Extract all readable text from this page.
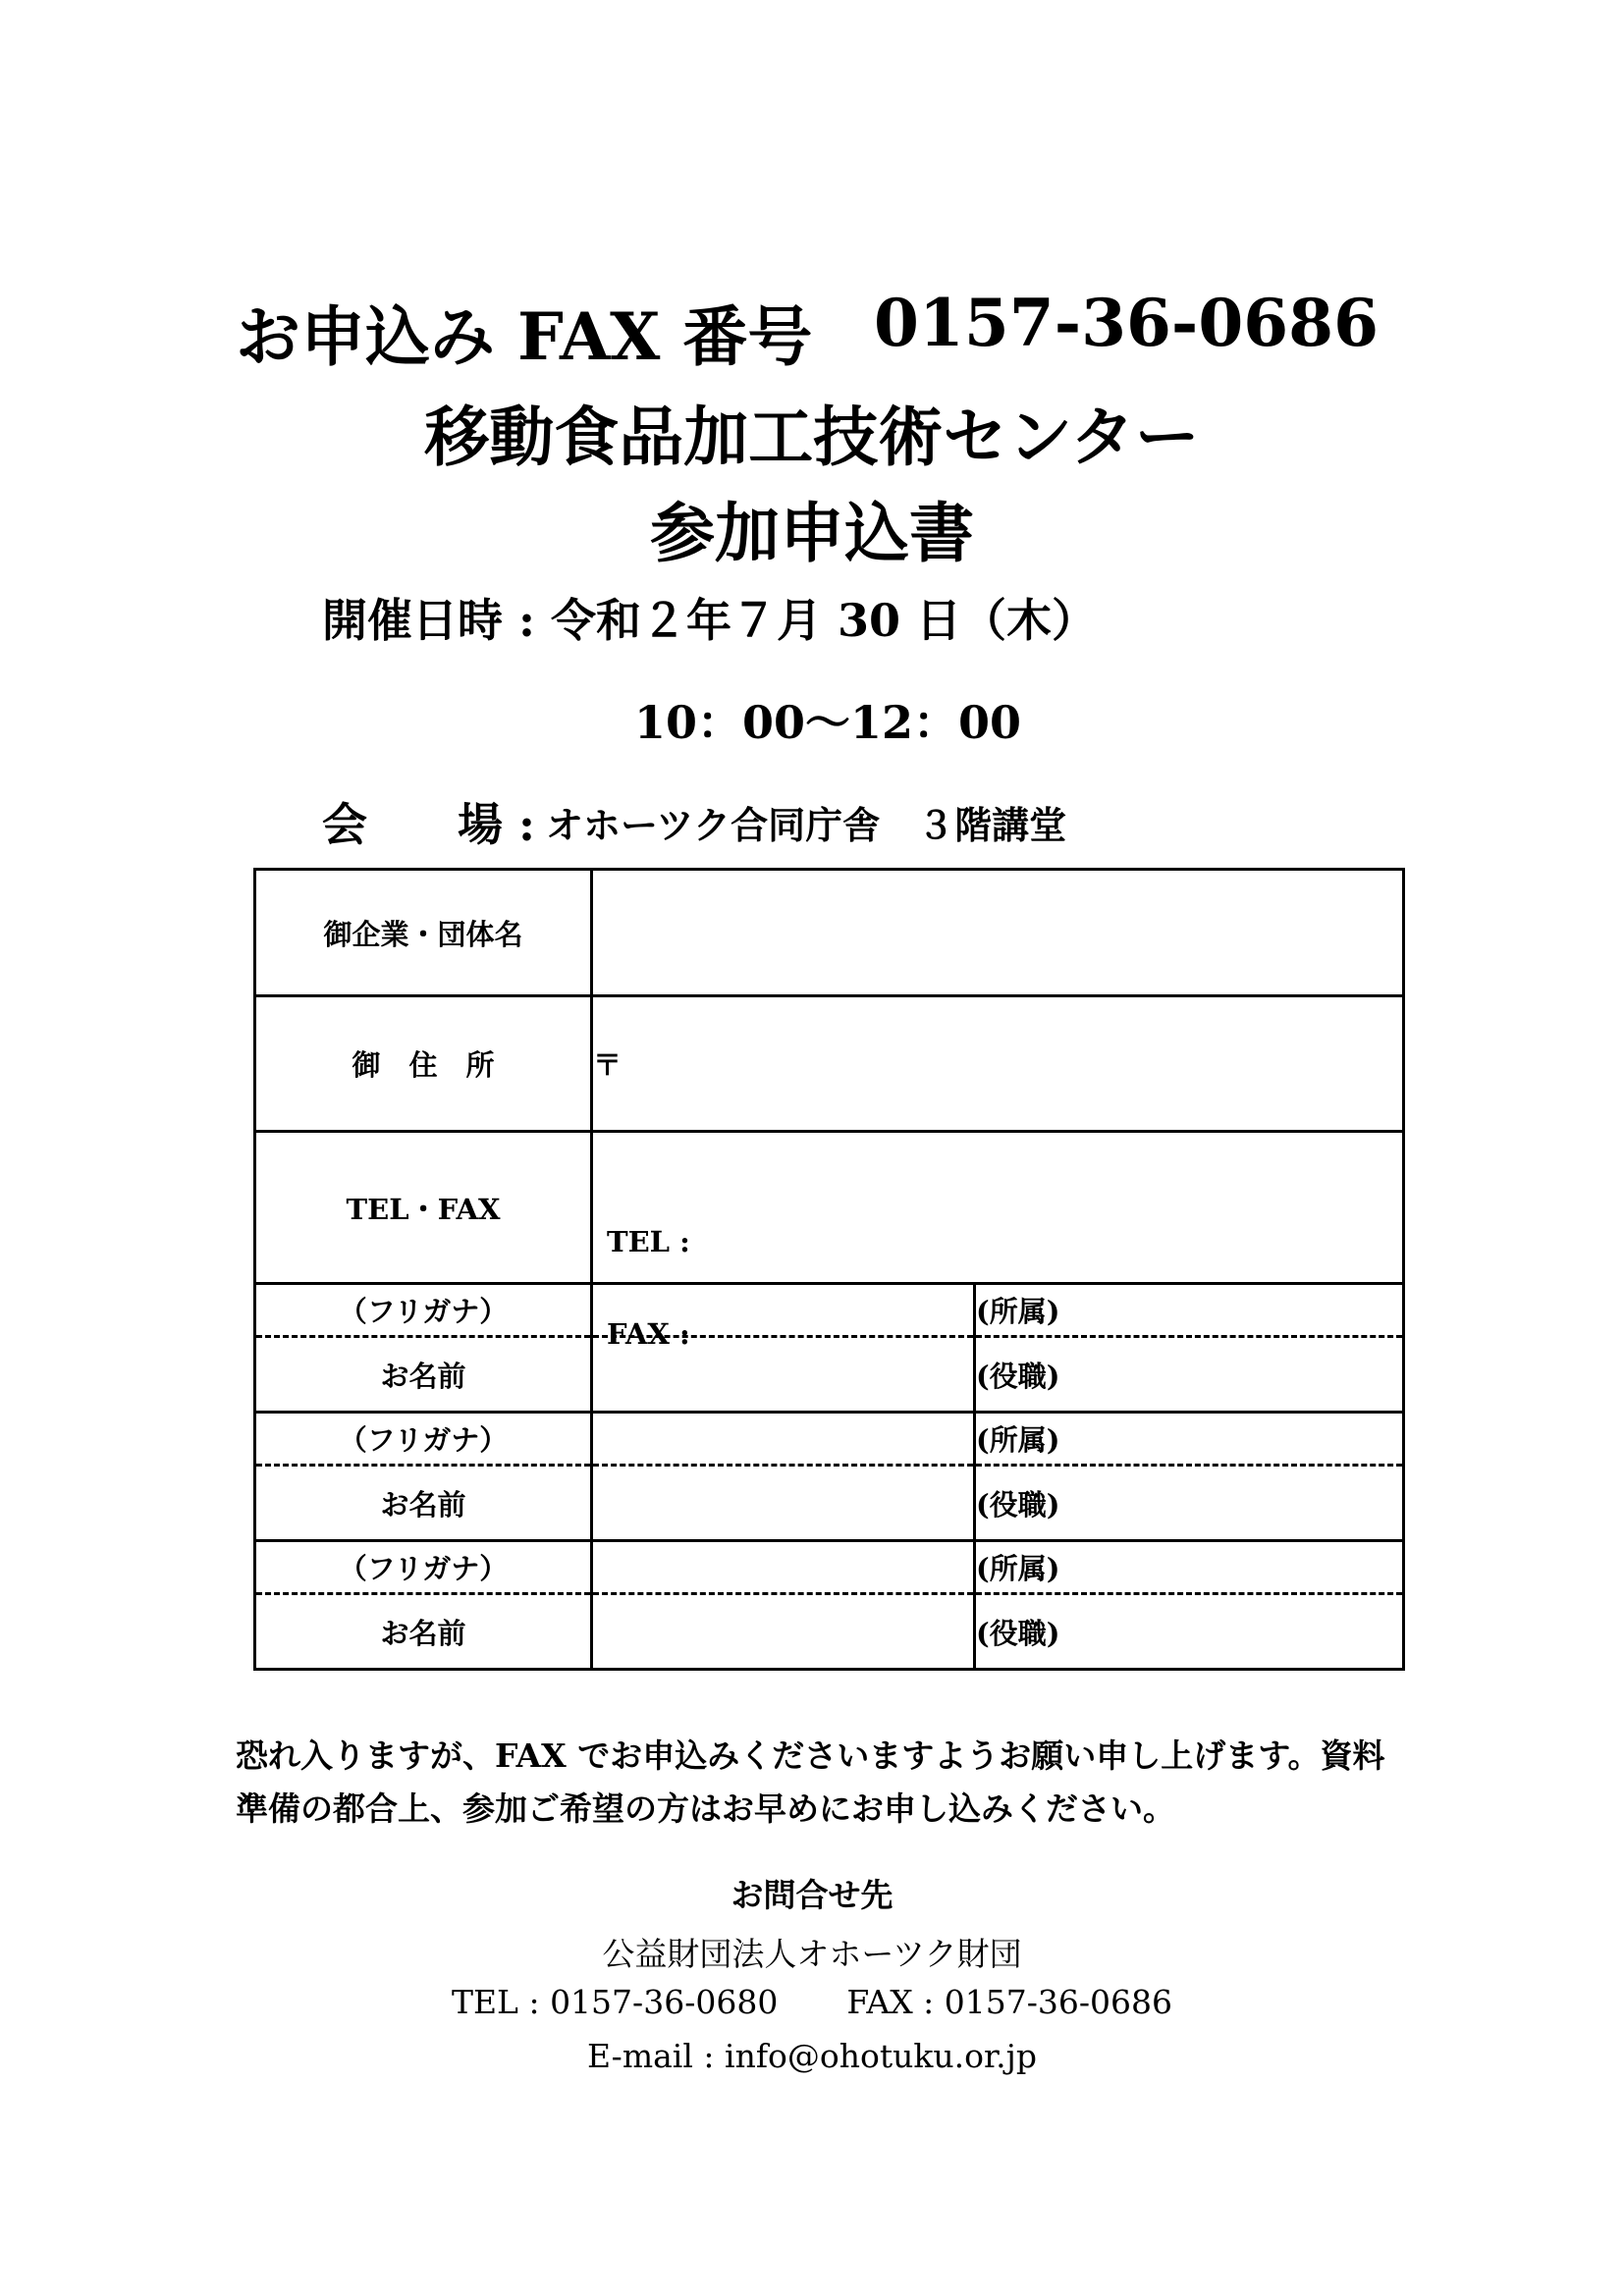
お申込み FAX 番号 0157-36-0686
移動食品加工技術センター
参加申込書
開催日時 : 令和２年７月 30 日（木）
10：00～12：00
会　　場 : オホーツク合同庁舎　３階講堂
御企業・団体名		
御　住　所	〒	
TEL・FAX	TEL :
FAX :	

（フリガナ）		(所属)
お名前		(役職)
（フリガナ）		(所属)
お名前		(役職)
（フリガナ）		(所属)
お名前		(役職)
恐れ入りますが、FAX でお申込みくださいますようお願い申し上げます。資料準備の都合上、参加ご希望の方はお早めにお申し込みください。
お問合せ先
公益財団法人オホーツク財団
TEL : 0157-36-0680 FAX : 0157-36-0686
E-mail : info@ohotuku.or.jp
